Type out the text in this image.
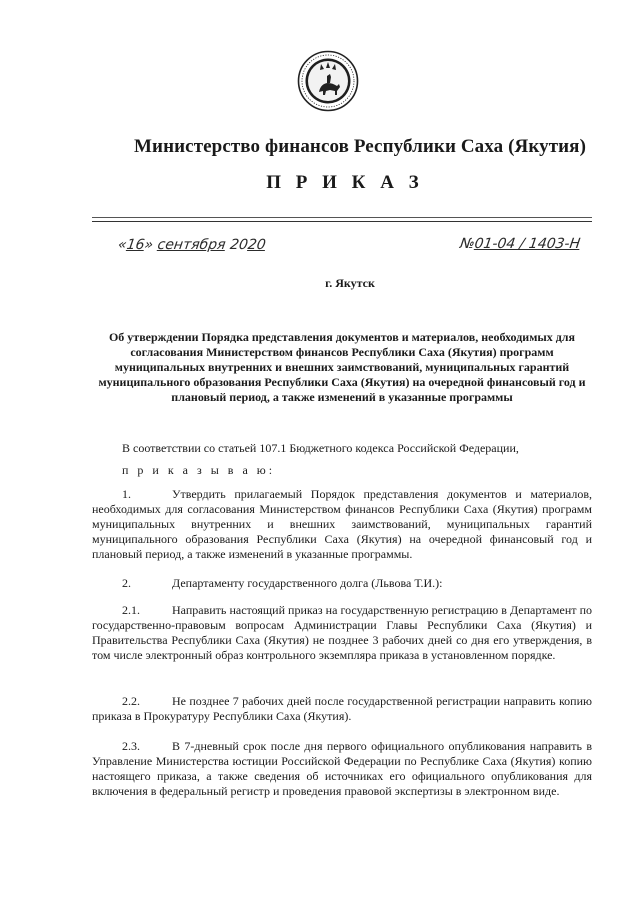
Министерство финансов Республики Саха (Якутия)
П Р И К А З
«16» сентября 2020	№01-04 / 1403-Н
г. Якутск
Об утверждении Порядка представления документов и материалов, необходимых для согласования Министерством финансов Республики Саха (Якутия) программ муниципальных внутренних и внешних заимствований, муниципальных гарантий муниципального образования Республики Саха (Якутия) на очередной финансовый год и плановый период, а также изменений в указанные программы
В соответствии со статьей 107.1 Бюджетного кодекса Российской Федерации,
п р и к а з ы в а ю:
1.	Утвердить прилагаемый Порядок представления документов и материалов, необходимых для согласования Министерством финансов Республики Саха (Якутия) программ муниципальных внутренних и внешних заимствований, муниципальных гарантий муниципального образования Республики Саха (Якутия) на очередной финансовый год и плановый период, а также изменений в указанные программы.
2.	Департаменту государственного долга (Львова Т.И.):
2.1.	Направить настоящий приказ на государственную регистрацию в Департамент по государственно-правовым вопросам Администрации Главы Республики Саха (Якутия) и Правительства Республики Саха (Якутия) не позднее 3 рабочих дней со дня его утверждения, в том числе электронный образ контрольного экземпляра приказа в установленном порядке.
2.2.	Не позднее 7 рабочих дней после государственной регистрации направить копию приказа в Прокуратуру Республики Саха (Якутия).
2.3.	В 7-дневный срок после дня первого официального опубликования направить в Управление Министерства юстиции Российской Федерации по Республике Саха (Якутия) копию настоящего приказа, а также сведения об источниках его официального опубликования для включения в федеральный регистр и проведения правовой экспертизы в электронном виде.
